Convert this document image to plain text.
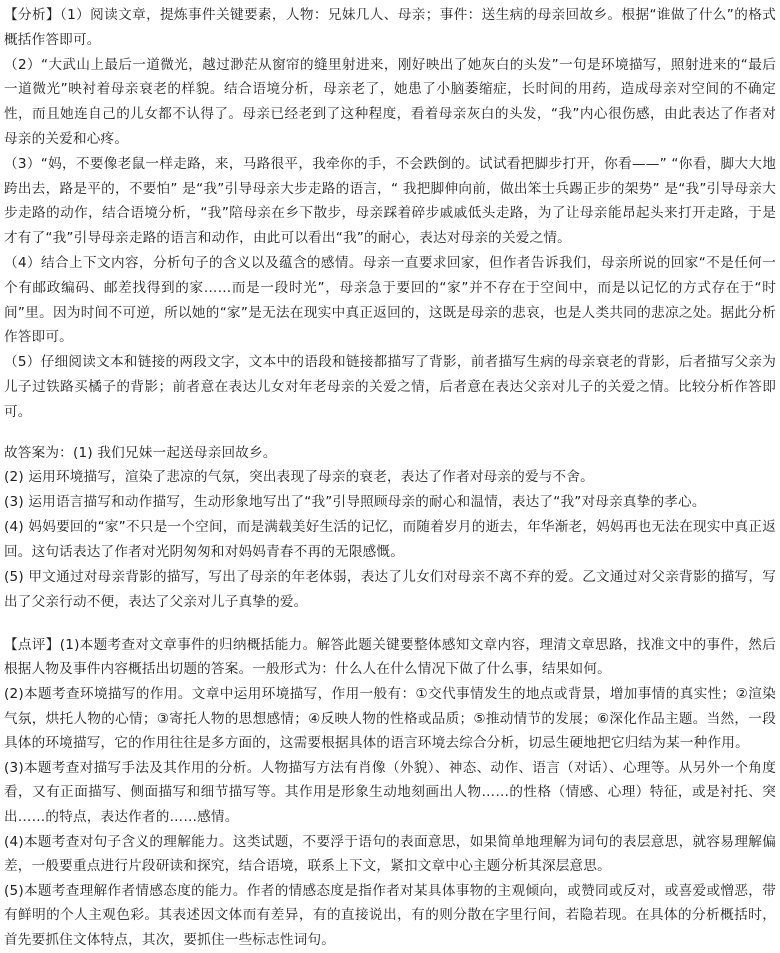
【分析】（1）阅读文章，提炼事件关键要素，人物：兄妹几人、母亲；事件：送生病的母亲回故乡。根据“谁做了什么”的格式概括作答即可。

（2）“大武山上最后一道微光，越过渺茫从窗帘的缝里射进来，刚好映出了她灰白的头发”一句是环境描写，照射进来的“最后一道微光”映衬着母亲衰老的样貌。结合语境分析，母亲老了，她患了小脑萎缩症，长时间的用药，造成母亲对空间的不确定性，而且她连自己的儿女都不认得了。母亲已经老到了这种程度，看着母亲灰白的头发，“我”内心很伤感，由此表达了作者对母亲的关爱和心疼。

（3）“妈，不要像老鼠一样走路，来，马路很平，我牵你的手，不会跌倒的。试试看把脚步打开，你看——” “你看，脚大大地跨出去，路是平的，不要怕” 是“我”引导母亲大步走路的语言，“ 我把脚伸向前，做出笨士兵踢正步的架势” 是“我”引导母亲大步走路的动作，结合语境分析，“我”陪母亲在乡下散步，母亲踩着碎步戚戚低头走路，为了让母亲能昂起头来打开走路，于是才有了“我”引导母亲走路的语言和动作，由此可以看出“我”的耐心，表达对母亲的关爱之情。

（4）结合上下文内容，分析句子的含义以及蕴含的感情。母亲一直要求回家，但作者告诉我们，母亲所说的回家“不是任何一个有邮政编码、邮差找得到的家……而是一段时光”，母亲急于要回的“家”并不存在于空间中，而是以记忆的方式存在于“时间”里。因为时间不可逆，所以她的“家”是无法在现实中真正返回的，这既是母亲的悲哀，也是人类共同的悲凉之处。据此分析作答即可。

（5）仔细阅读文本和链接的两段文字，文本中的语段和链接都描写了背影，前者描写生病的母亲衰老的背影，后者描写父亲为儿子过铁路买橘子的背影；前者意在表达儿女对年老母亲的关爱之情，后者意在表达父亲对儿子的关爱之情。比较分析作答即可。

故答案为：(1) 我们兄妹一起送母亲回故乡。

(2) 运用环境描写，渲染了悲凉的气氛，突出表现了母亲的衰老，表达了作者对母亲的爱与不舍。

(3) 运用语言描写和动作描写，生动形象地写出了“我”引导照顾母亲的耐心和温情，表达了“我”对母亲真挚的孝心。

(4) 妈妈要回的“家”不只是一个空间，而是满载美好生活的记忆，而随着岁月的逝去，年华渐老，妈妈再也无法在现实中真正返回。这句话表达了作者对光阴匆匆和对妈妈青春不再的无限感慨。

(5) 甲文通过对母亲背影的描写，写出了母亲的年老体弱，表达了儿女们对母亲不离不弃的爱。乙文通过对父亲背影的描写，写出了父亲行动不便，表达了父亲对儿子真挚的爱。

【点评】(1)本题考查对文章事件的归纳概括能力。解答此题关键要整体感知文章内容，理清文章思路，找准文中的事件，然后根据人物及事件内容概括出切题的答案。一般形式为：什么人在什么情况下做了什么事，结果如何。

(2)本题考查环境描写的作用。文章中运用环境描写，作用一般有：①交代事情发生的地点或背景，增加事情的真实性；②渲染气氛，烘托人物的心情；③寄托人物的思想感情；④反映人物的性格或品质；⑤推动情节的发展；⑥深化作品主题。当然，一段具体的环境描写，它的作用往往是多方面的，这需要根据具体的语言环境去综合分析，切忌生硬地把它归结为某一种作用。

(3)本题考查对描写手法及其作用的分析。人物描写方法有肖像（外貌）、神态、动作、语言（对话）、心理等。从另外一个角度看，又有正面描写、侧面描写和细节描写等。其作用是形象生动地刻画出人物……的性格（情感、心理）特征，或是衬托、突出……的特点，表达作者的……感情。

(4)本题考查对句子含义的理解能力。这类试题，不要浮于语句的表面意思，如果简单地理解为词句的表层意思，就容易理解偏差，一般要重点进行片段研读和探究，结合语境，联系上下文，紧扣文章中心主题分析其深层意思。

(5)本题考查理解作者情感态度的能力。作者的情感态度是指作者对某具体事物的主观倾向，或赞同或反对，或喜爱或憎恶，带有鲜明的个人主观色彩。其表述因文体而有差异，有的直接说出，有的则分散在字里行间，若隐若现。在具体的分析概括时，首先要抓住文体特点，其次，要抓住一些标志性词句。
